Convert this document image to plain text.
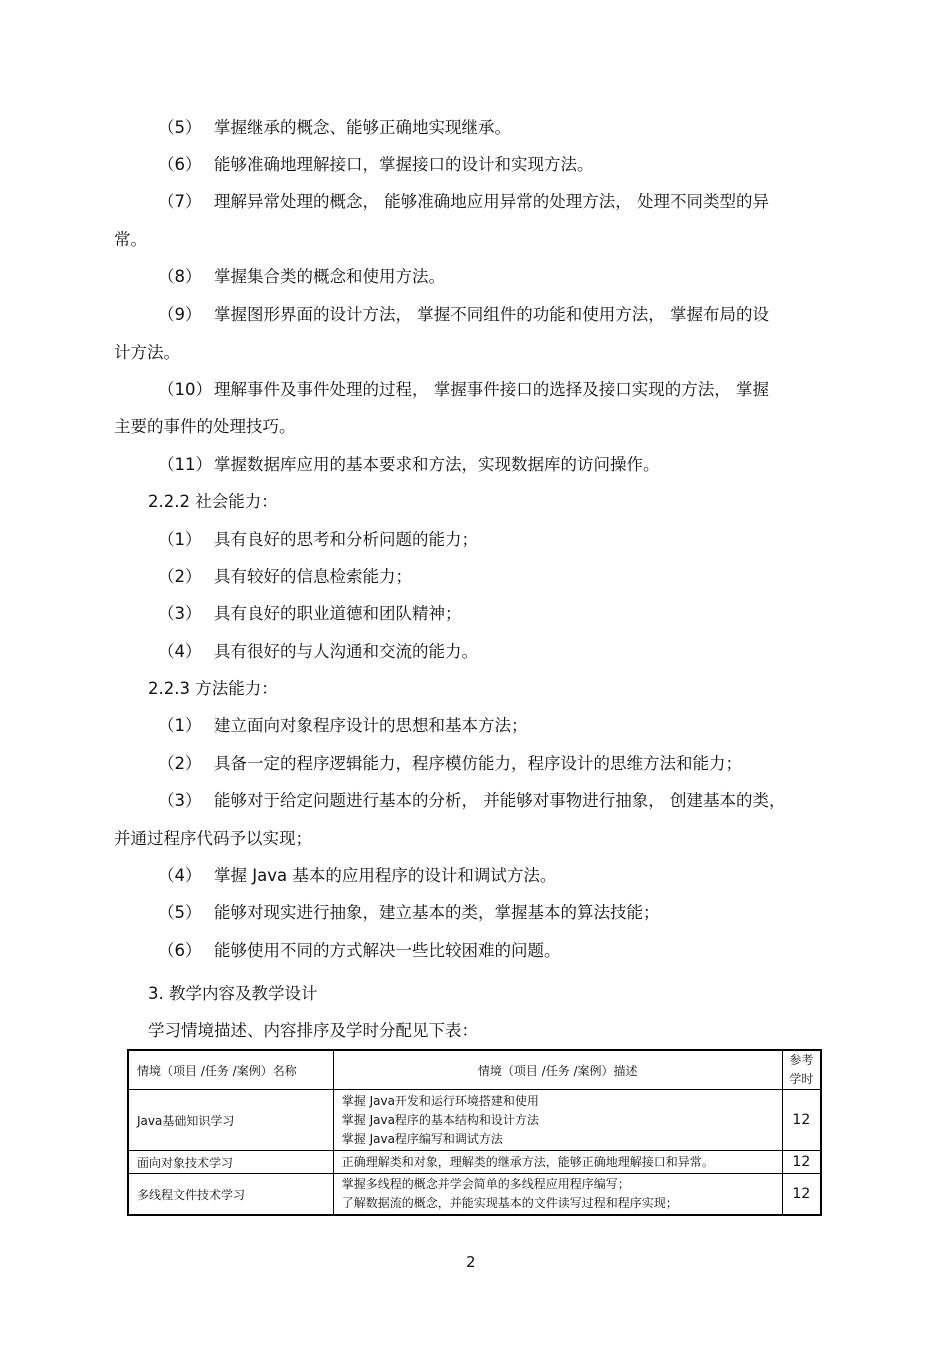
（5） 掌握继承的概念、能够正确地实现继承。
（6） 能够准确地理解接口，掌握接口的设计和实现方法。
（7） 理解异常处理的概念， 能够准确地应用异常的处理方法， 处理不同类型的异
常。
（8） 掌握集合类的概念和使用方法。
（9） 掌握图形界面的设计方法， 掌握不同组件的功能和使用方法， 掌握布局的设
计方法。
（10） 理解事件及事件处理的过程， 掌握事件接口的选择及接口实现的方法， 掌握
主要的事件的处理技巧。
（11） 掌握数据库应用的基本要求和方法，实现数据库的访问操作。
2.2.2 社会能力：
（1） 具有良好的思考和分析问题的能力；
（2） 具有较好的信息检索能力；
（3） 具有良好的职业道德和团队精神；
（4） 具有很好的与人沟通和交流的能力。
2.2.3 方法能力：
（1） 建立面向对象程序设计的思想和基本方法；
（2） 具备一定的程序逻辑能力，程序模仿能力，程序设计的思维方法和能力；
（3） 能够对于给定问题进行基本的分析， 并能够对事物进行抽象， 创建基本的类，
并通过程序代码予以实现；
（4） 掌握 Java 基本的应用程序的设计和调试方法。
（5） 能够对现实进行抽象，建立基本的类，掌握基本的算法技能；
（6） 能够使用不同的方式解决一些比较困难的问题。
3. 教学内容及教学设计
学习情境描述、内容排序及学时分配见下表：
情境（项目 /任务 /案例）名称	情境（项目 /任务 /案例）描述	参考
学时

Java基础知识学习	掌握 Java开发和运行环境搭建和使用
掌握 Java程序的基本结构和设计方法
掌握 Java程序编写和调试方法	12
面向对象技术学习	正确理解类和对象，理解类的继承方法，能够正确地理解接口和异常。	12
多线程文件技术学习	掌握多线程的概念并学会简单的多线程应用程序编写；
了解数据流的概念，并能实现基本的文件读写过程和程序实现；	12
2
